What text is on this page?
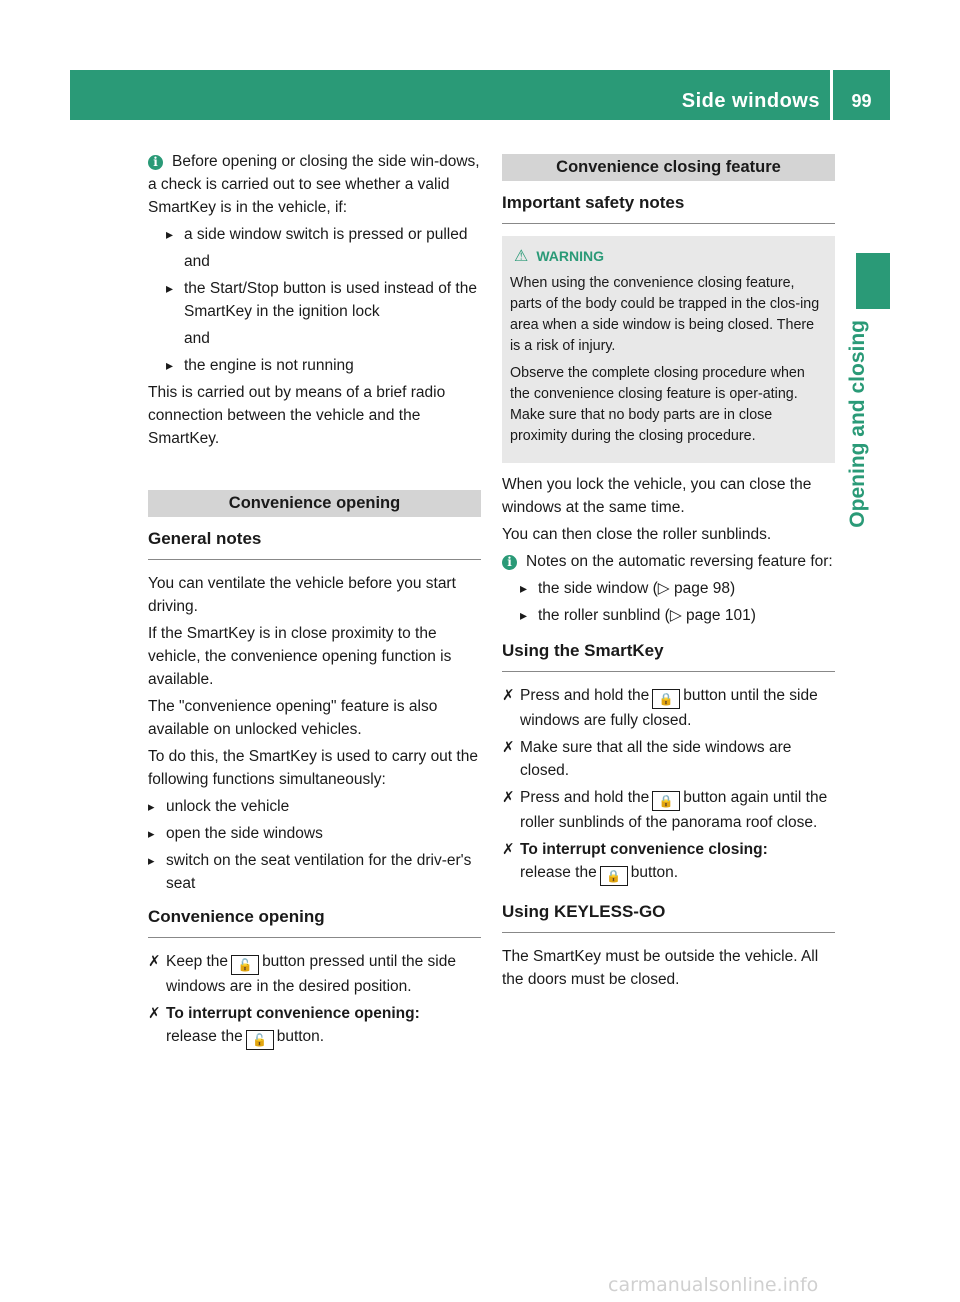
Side windows	99
Opening and closing

i Before opening or closing the side win-dows, a check is carried out to see whether a valid SmartKey is in the vehicle, if:

▸ a side window switch is pressed or pulled
and
▸ the Start/Stop button is used instead of the SmartKey in the ignition lock
and
▸ the engine is not running

This is carried out by means of a brief radio connection between the vehicle and the SmartKey.

Convenience opening
General notes

You can ventilate the vehicle before you start driving.

If the SmartKey is in close proximity to the vehicle, the convenience opening function is available.

The "convenience opening" feature is also available on unlocked vehicles.

To do this, the SmartKey is used to carry out the following functions simultaneously:

▸ unlock the vehicle
▸ open the side windows
▸ switch on the seat ventilation for the driv-er's seat
Convenience opening
✗ Keep the 🔓 button pressed until the side windows are in the desired position.
✗ To interrupt convenience opening:
release the 🔓 button.
Convenience closing feature
Important safety notes
⚠ WARNING

When using the convenience closing feature, parts of the body could be trapped in the clos-ing area when a side window is being closed. There is a risk of injury.

Observe the complete closing procedure when the convenience closing feature is oper-ating. Make sure that no body parts are in close proximity during the closing procedure.

When you lock the vehicle, you can close the windows at the same time.

You can then close the roller sunblinds.

i Notes on the automatic reversing feature for:

▸ the side window (▷ page 98)
▸ the roller sunblind (▷ page 101)
Using the SmartKey
✗ Press and hold the 🔒 button until the side windows are fully closed.
✗ Make sure that all the side windows are closed.
✗ Press and hold the 🔒 button again until the roller sunblinds of the panorama roof close.
✗ To interrupt convenience closing:
release the 🔒 button.
Using KEYLESS-GO

The SmartKey must be outside the vehicle. All the doors must be closed.

carmanualsonline.info
